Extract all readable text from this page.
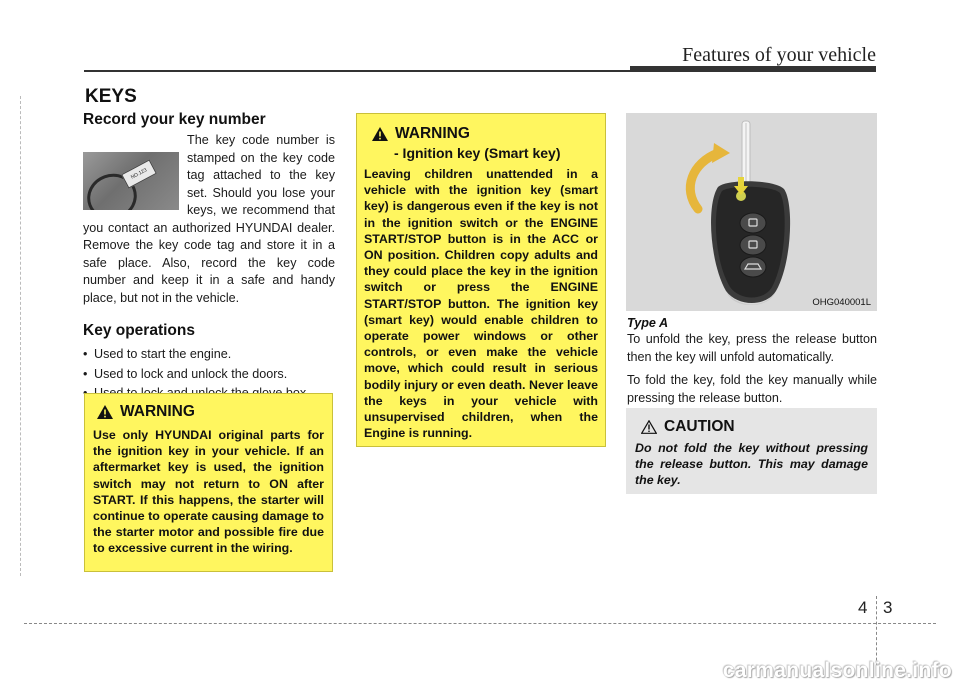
Features of your vehicle
KEYS
Record your key number
NO.123

The key code number is stamped on the key code tag attached to the key set. Should you lose your keys, we recommend that you contact an authorized HYUNDAI dealer. Remove the key code tag and store it in a safe place. Also, record the key code number and keep it in a safe and handy place, but not in the vehicle.

Key operations
• Used to start the engine.
• Used to lock and unlock the doors.
•
WARNING

Use only HYUNDAI original parts for the ignition key in your vehicle. If an aftermarket key is used, the ignition switch may not return to ON after START. If this happens, the starter will continue to operate causing damage to the starter motor and possible fire due to excessive current in the wiring.

WARNING
- Ignition key (Smart key)

Leaving children unattended in a vehicle with the ignition key (smart key) is dangerous even if the key is not in the ignition switch or the ENGINE START/STOP button is in the ACC or ON position. Children copy adults and they could place the key in the ignition switch or press the ENGINE START/STOP button. The ignition key (smart key) would enable children to operate power windows or other controls, or even make the vehicle move, which could result in serious bodily injury or even death. Never leave the keys in your vehicle with unsupervised children, when the Engine is running.

OHG040001L
Type A

To unfold the key, press the release button then the key will unfold automatically.

To fold the key, fold the key manually while pressing the release button.

CAUTION

Do not fold the key without pressing the release button. This may damage the key.

4 3
carmanualsonline.info
